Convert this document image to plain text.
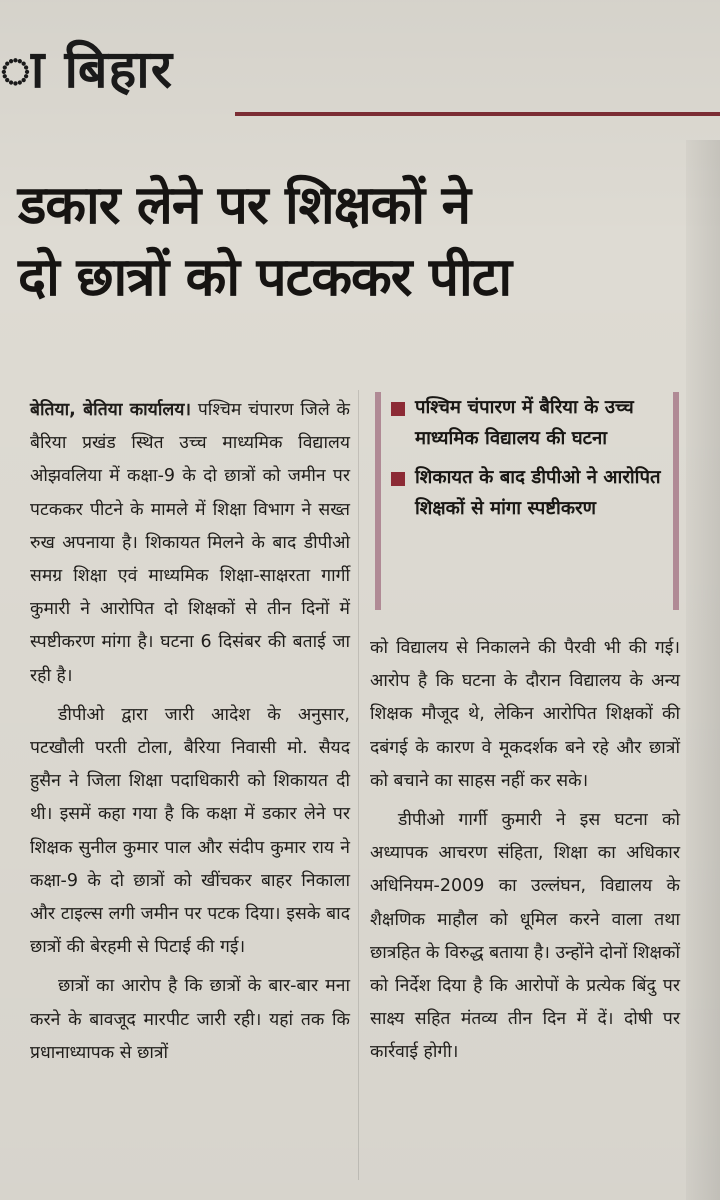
ा बिहार
डकार लेने पर शिक्षकों ने
दो छात्रों को पटककर पीटा

बेतिया, बेतिया कार्यालय। पश्चिम चंपारण जिले के बैरिया प्रखंड स्थित उच्च माध्यमिक विद्यालय ओझवलिया में कक्षा-9 के दो छात्रों को जमीन पर पटककर पीटने के मामले में शिक्षा विभाग ने सख्त रुख अपनाया है। शिकायत मिलने के बाद डीपीओ समग्र शिक्षा एवं माध्यमिक शिक्षा-साक्षरता गार्गी कुमारी ने आरोपित दो शिक्षकों से तीन दिनों में स्पष्टीकरण मांगा है। घटना 6 दिसंबर की बताई जा रही है।

डीपीओ द्वारा जारी आदेश के अनुसार, पटखौली परती टोला, बैरिया निवासी मो. सैयद हुसैन ने जिला शिक्षा पदाधिकारी को शिकायत दी थी। इसमें कहा गया है कि कक्षा में डकार लेने पर शिक्षक सुनील कुमार पाल और संदीप कुमार राय ने कक्षा-9 के दो छात्रों को खींचकर बाहर निकाला और टाइल्स लगी जमीन पर पटक दिया। इसके बाद छात्रों की बेरहमी से पिटाई की गई।

छात्रों का आरोप है कि छात्रों के बार-बार मना करने के बावजूद मारपीट जारी रही। यहां तक कि प्रधानाध्यापक से छात्रों

पश्चिम चंपारण में बैरिया के उच्च माध्यमिक विद्यालय की घटना
शिकायत के बाद डीपीओ ने आरोपित शिक्षकों से मांगा स्पष्टीकरण

को विद्यालय से निकालने की पैरवी भी की गई। आरोप है कि घटना के दौरान विद्यालय के अन्य शिक्षक मौजूद थे, लेकिन आरोपित शिक्षकों की दबंगई के कारण वे मूकदर्शक बने रहे और छात्रों को बचाने का साहस नहीं कर सके।

डीपीओ गार्गी कुमारी ने इस घटना को अध्यापक आचरण संहिता, शिक्षा का अधिकार अधिनियम-2009 का उल्लंघन, विद्यालय के शैक्षणिक माहौल को धूमिल करने वाला तथा छात्रहित के विरुद्ध बताया है। उन्होंने दोनों शिक्षकों को निर्देश दिया है कि आरोपों के प्रत्येक बिंदु पर साक्ष्य सहित मंतव्य तीन दिन में दें। दोषी पर कार्रवाई होगी।
